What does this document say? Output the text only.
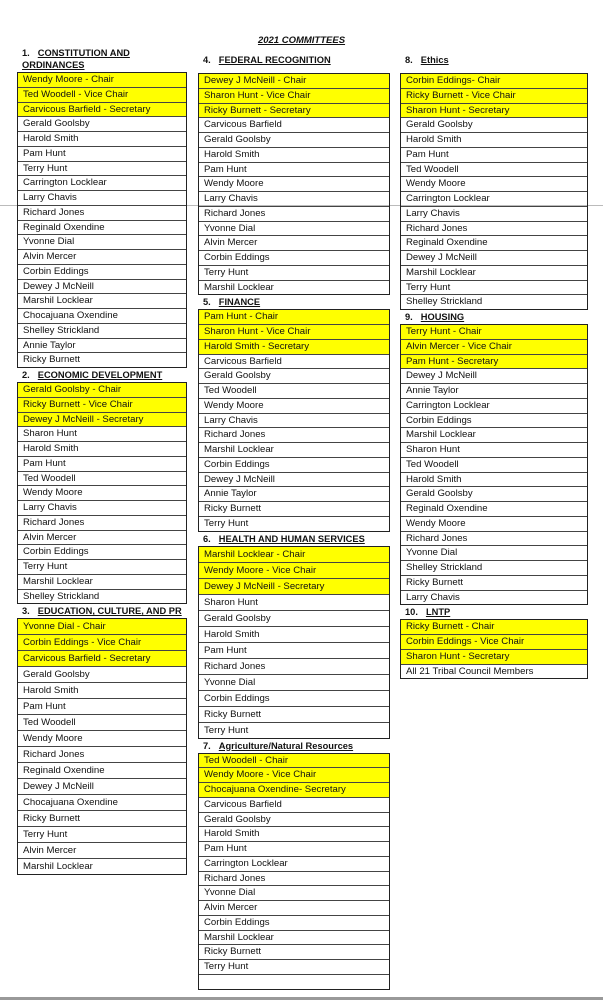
2021 COMMITTEES
1. CONSTITUTION AND ORDINANCES
Wendy Moore - Chair
Ted Woodell - Vice Chair
Carvicous Barfield - Secretary
Gerald Goolsby
Harold Smith
Pam Hunt
Terry Hunt
Carrington Locklear
Larry Chavis
Richard Jones
Reginald Oxendine
Yvonne Dial
Alvin Mercer
Corbin Eddings
Dewey J McNeill
Marshil Locklear
Chocajuana Oxendine
Shelley Strickland
Annie Taylor
Ricky Burnett
2. ECONOMIC DEVELOPMENT
Gerald Goolsby - Chair
Ricky Burnett - Vice Chair
Dewey J McNeill - Secretary
Sharon Hunt
Harold Smith
Pam Hunt
Ted Woodell
Wendy Moore
Larry Chavis
Richard Jones
Alvin Mercer
Corbin Eddings
Terry Hunt
Marshil Locklear
Shelley Strickland
3. EDUCATION, CULTURE, AND PR
Yvonne Dial - Chair
Corbin Eddings - Vice Chair
Carvicous Barfield - Secretary
Gerald Goolsby
Harold Smith
Pam Hunt
Ted Woodell
Wendy Moore
Richard Jones
Reginald Oxendine
Dewey J McNeill
Chocajuana Oxendine
Ricky Burnett
Terry Hunt
Alvin Mercer
Marshil Locklear
4. FEDERAL RECOGNITION
Dewey J McNeill - Chair
Sharon Hunt - Vice Chair
Ricky Burnett - Secretary
Carvicous Barfield
Gerald Goolsby
Harold Smith
Pam Hunt
Wendy Moore
Larry Chavis
Richard Jones
Yvonne Dial
Alvin Mercer
Corbin Eddings
Terry Hunt
Marshil Locklear
5. FINANCE
Pam Hunt - Chair
Sharon Hunt - Vice Chair
Harold Smith - Secretary
Carvicous Barfield
Gerald Goolsby
Ted Woodell
Wendy Moore
Larry Chavis
Richard Jones
Marshil Locklear
Corbin Eddings
Dewey J McNeill
Annie Taylor
Ricky Burnett
Terry Hunt
6. HEALTH AND HUMAN SERVICES
Marshil Locklear - Chair
Wendy Moore - Vice Chair
Dewey J McNeill - Secretary
Sharon Hunt
Gerald Goolsby
Harold Smith
Pam Hunt
Richard Jones
Yvonne Dial
Corbin Eddings
Ricky Burnett
Terry Hunt
7. Agriculture/Natural Resources
Ted Woodell - Chair
Wendy Moore - Vice Chair
Chocajuana Oxendine- Secretary
Carvicous Barfield
Gerald Goolsby
Harold Smith
Pam Hunt
Carrington Locklear
Richard Jones
Yvonne Dial
Alvin Mercer
Corbin Eddings
Marshil Locklear
Ricky Burnett
Terry Hunt
8. Ethics
Corbin Eddings- Chair
Ricky Burnett - Vice Chair
Sharon Hunt - Secretary
Gerald Goolsby
Harold Smith
Pam Hunt
Ted Woodell
Wendy Moore
Carrington Locklear
Larry Chavis
Richard Jones
Reginald Oxendine
Dewey J McNeill
Marshil Locklear
Terry Hunt
Shelley Strickland
9. HOUSING
Terry Hunt - Chair
Alvin Mercer - Vice Chair
Pam Hunt - Secretary
Dewey J McNeill
Annie Taylor
Carrington Locklear
Corbin Eddings
Marshil Locklear
Sharon Hunt
Ted Woodell
Harold Smith
Gerald Goolsby
Reginald Oxendine
Wendy Moore
Richard Jones
Yvonne Dial
Shelley Strickland
Ricky Burnett
Larry Chavis
10. LNTP
Ricky Burnett - Chair
Corbin Eddings - Vice Chair
Sharon Hunt - Secretary
All 21 Tribal Council Members
